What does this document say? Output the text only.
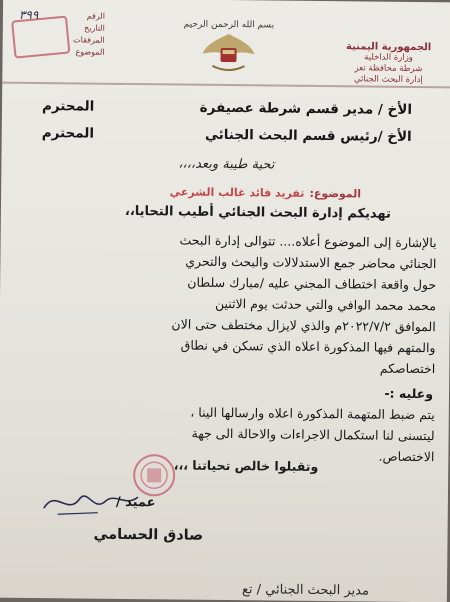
الجمهورية اليمنية
وزارة الداخلية
شرطة محافظة تعز
إدارة البحث الجنائي
بسم الله الرحمن الرحيم
الرقم
التاريخ
المرفقات
الموضوع
٣٩٩
الأخ / مدير قسم شرطة عصيفرة
المحترم
الأخ /رئيس قسم البحث الجنائي
المحترم
تحية طيبة وبعد،،،،
الموضوع: تفريد فائد غالب الشرعي
تهديكم إدارة البحث الجنائي أطيب التحايا،،
بالإشارة إلى الموضوع أعلاه.... تتوالى إدارة البحث
الجنائي محاضر جمع الاستدلالات والبحث والتحري
حول واقعة اختطاف المجني عليه /مبارك سلطان
محمد محمد الوافي والتي حدثت يوم الاثنين
الموافق ٢٠٢٢/٧/٢م والذي لايزال مختطف حتى الان
والمتهم فيها المذكورة اعلاه الذي تسكن في نطاق
اختصاصكم
وعليه :-
يتم ضبط المتهمة المذكورة اعلاه وارسالها الينا ،
ليتسنى لنا استكمال الاجراءات والاحالة الى جهة
الاختصاص.
وتقبلوا خالص تحياتنا ،،،
عميد /
صادق الحسامي
مدير البحث الجنائي / تع
